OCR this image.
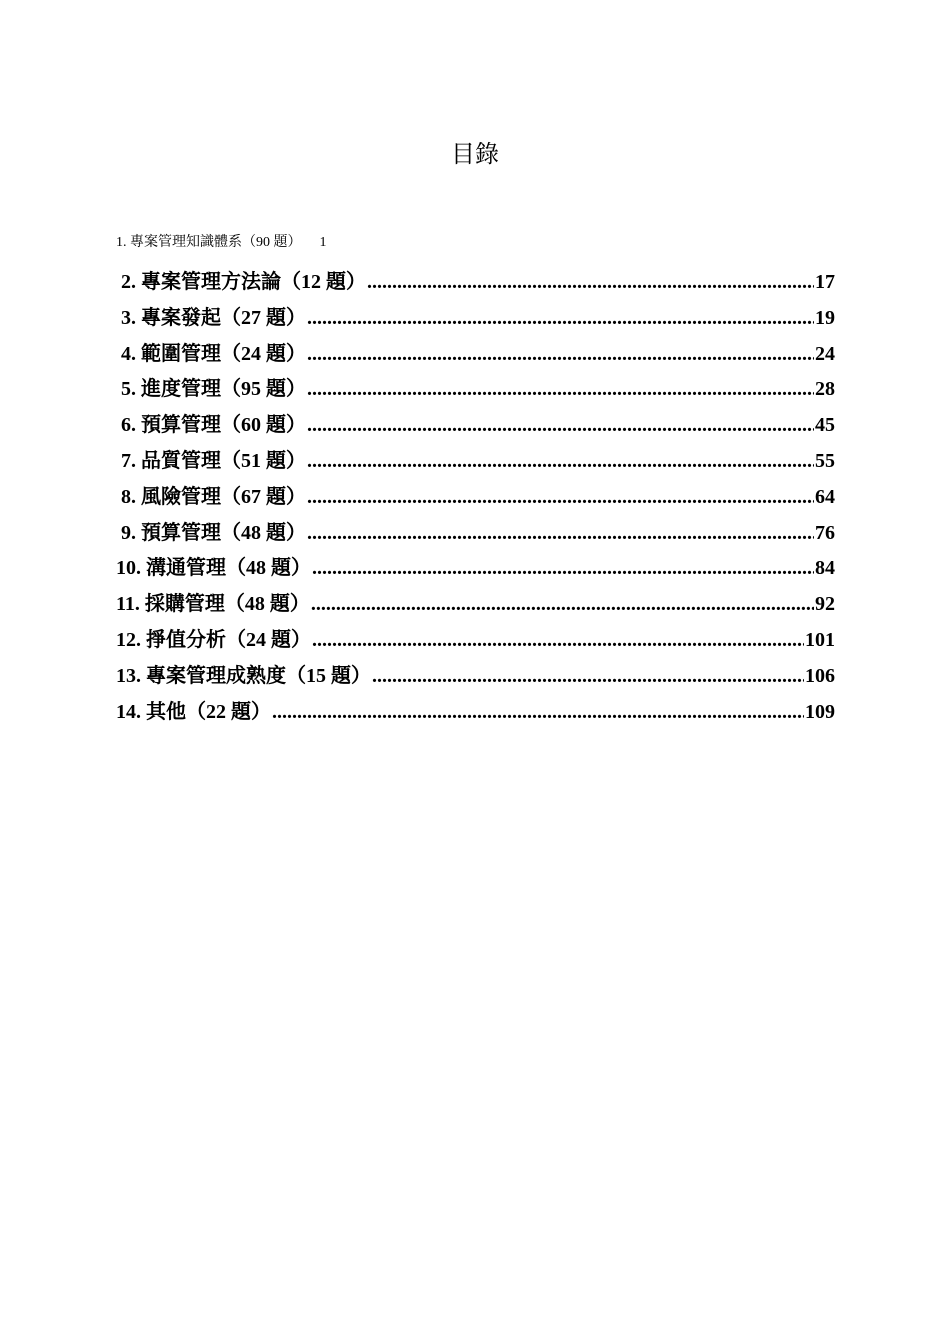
目錄
1. 專案管理知識體系（90 題） 1
2. 專案管理方法論（12 題） .....	17
3. 專案發起（27 題） .....	19
4. 範圍管理（24 題） .....	24
5. 進度管理（95 題） .....	28
6. 預算管理（60 題） .....	45
7. 品質管理（51 題） .....	55
8. 風險管理（67 題） .....	64
9. 預算管理（48 題） .....	76
10. 溝通管理（48 題） .....	84
11. 採購管理（48 題） .....	92
12. 掙值分析（24 題） .....	101
13. 專案管理成熟度（15 題） .....	106
14. 其他（22 題） .....	109
